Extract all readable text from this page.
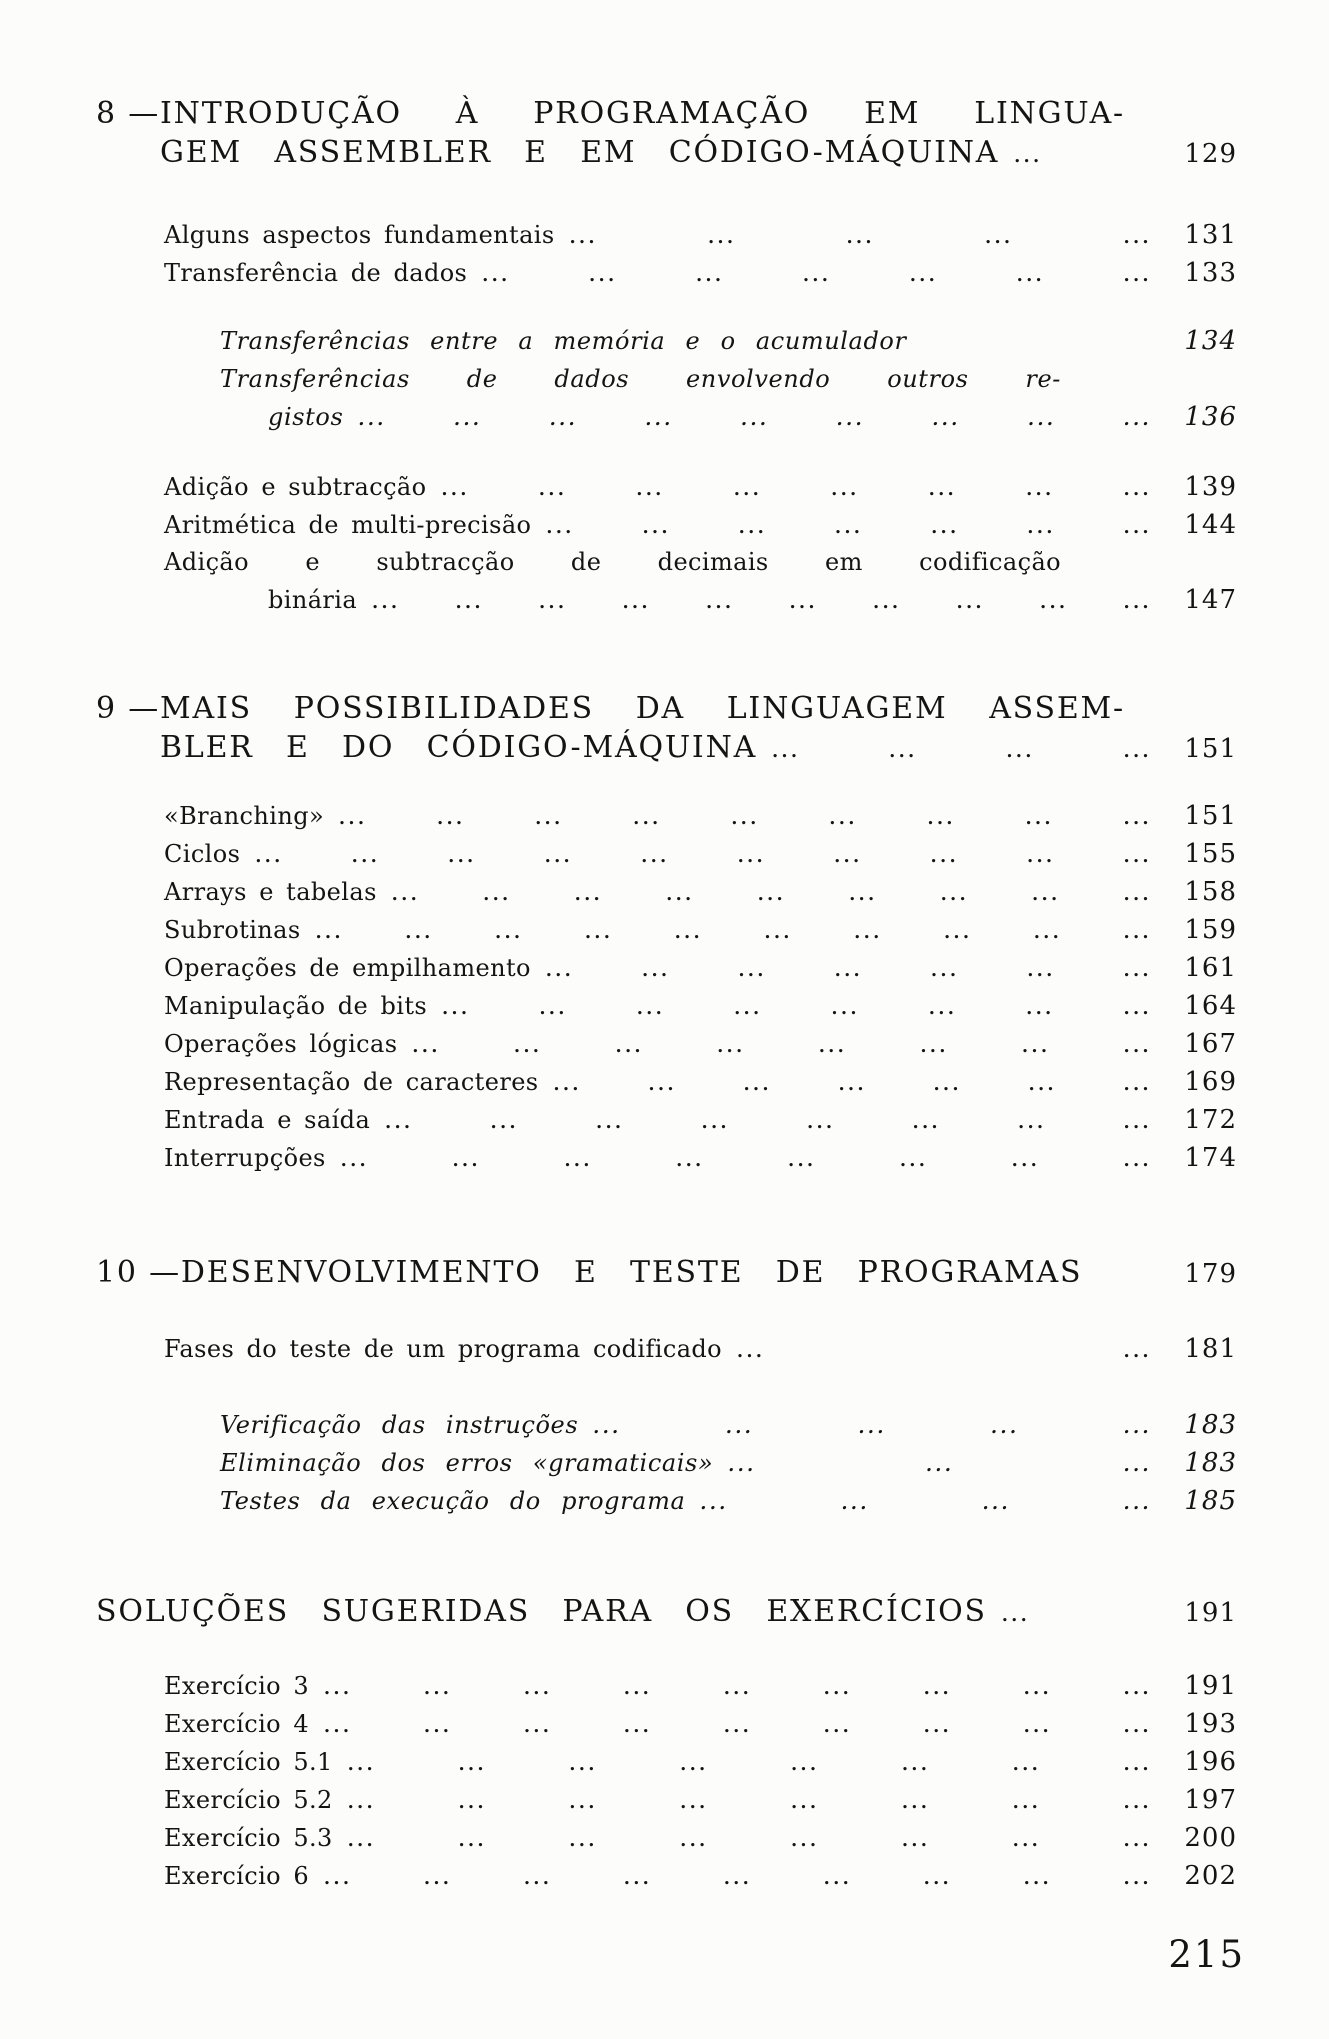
8 — INTRODUÇÃO À PROGRAMAÇÃO EM LINGUA-
GEM ASSEMBLER E EM CÓDIGO-MÁQUINA ...	129
Alguns aspectos fundamentais ... ... ... ... ...	131
Transferência de dados ... ... ... ... ... ... ...	133
Transferências entre a memória e o acumulador	134
Transferências de dados envolvendo outros re-
gistos ... ... ... ... ... ... ... ... ...	136
Adição e subtracção ... ... ... ... ... ... ... ...	139
Aritmética de multi-precisão ... ... ... ... ... ... ...	144
Adição e subtracção de decimais em codificação
binária ... ... ... ... ... ... ... ... ... ...	147
9 — MAIS POSSIBILIDADES DA LINGUAGEM ASSEM-
BLER E DO CÓDIGO-MÁQUINA ... ... ... ...	151
«Branching» ... ... ... ... ... ... ... ... ...	151
Ciclos ... ... ... ... ... ... ... ... ... ...	155
Arrays e tabelas ... ... ... ... ... ... ... ... ...	158
Subrotinas ... ... ... ... ... ... ... ... ... ...	159
Operações de empilhamento ... ... ... ... ... ... ...	161
Manipulação de bits ... ... ... ... ... ... ... ...	164
Operações lógicas ... ... ... ... ... ... ... ...	167
Representação de caracteres ... ... ... ... ... ... ...	169
Entrada e saída ... ... ... ... ... ... ... ...	172
Interrupções ... ... ... ... ... ... ... ...	174
10 — DESENVOLVIMENTO E TESTE DE PROGRAMAS	179
Fases do teste de um programa codificado ... ...	181
Verificação das instruções ... ... ... ... ...	183
Eliminação dos erros «gramaticais» ... ... ...	183
Testes da execução do programa ... ... ... ...	185
SOLUÇÕES SUGERIDAS PARA OS EXERCÍCIOS ...	191
Exercício 3 ... ... ... ... ... ... ... ... ...	191
Exercício 4 ... ... ... ... ... ... ... ... ...	193
Exercício 5.1 ... ... ... ... ... ... ... ...	196
Exercício 5.2 ... ... ... ... ... ... ... ...	197
Exercício 5.3 ... ... ... ... ... ... ... ...	200
Exercício 6 ... ... ... ... ... ... ... ... ...	202
215
